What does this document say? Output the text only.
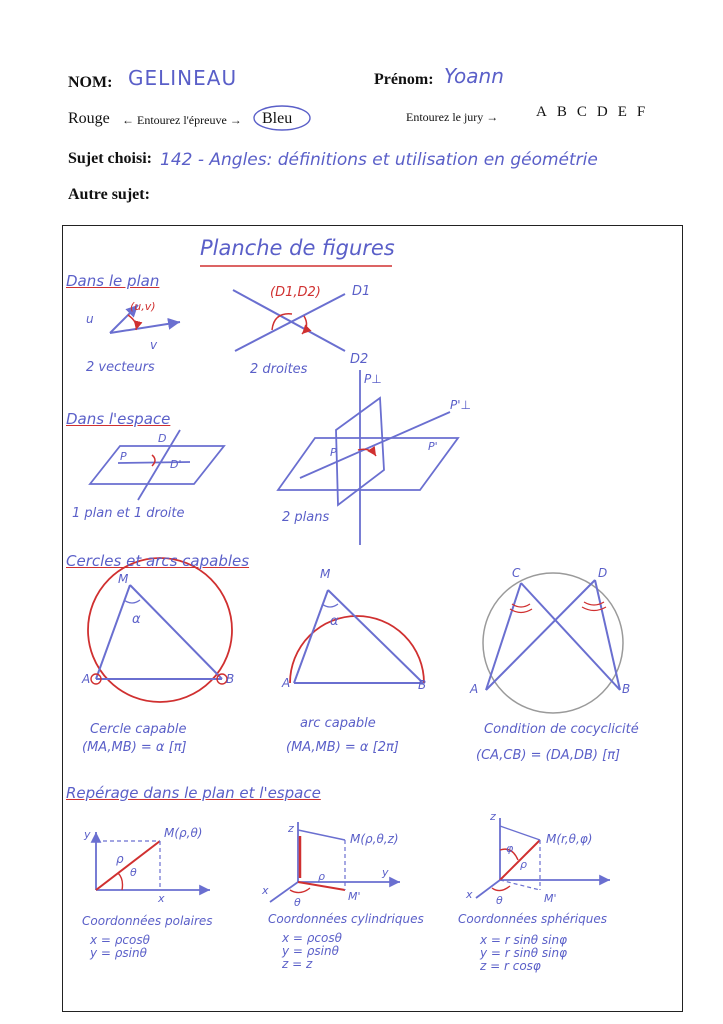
NOM: GELINEAU	Prénom: Yoann
Rouge ← Entourez l'épreuve → Bleu	Entourez le jury →	ABCDEF
Sujet choisi: 142 - Angles: définitions et utilisation en géométrie
Autre sujet:
Planche de figures
Dans le plan
Dans l'espace
Cercles et arcs capables
Repérage dans le plan et l'espace
u
v
(u,v)
2 vecteurs
(D1,D2) D1
D2
2 droites
P
D
D'
1 plan et 1 droite
P⊥
P'⊥
P	P'
2 plans
M
α
A	B
Cercle capable
(MA,MB) = α [π]
M
α
A	B
arc capable
(MA,MB) = α [2π]
C	D
A	B
Condition de cocyclicité
(CA,CB) = (DA,DB) [π]
y
x
M(ρ,θ)
ρ
θ
Coordonnées polaires
x = ρcosθ
y = ρsinθ
z
x
y
M(ρ,θ,z)
ρ
θ	M'
Coordonnées cylindriques
x = ρcosθ
y = ρsinθ
z = z
z
x
M(r,θ,φ)
φ
ρ
θ	M'
Coordonnées sphériques
x = r sinθ sinφ
y = r sinθ sinφ
z = r cosφ
